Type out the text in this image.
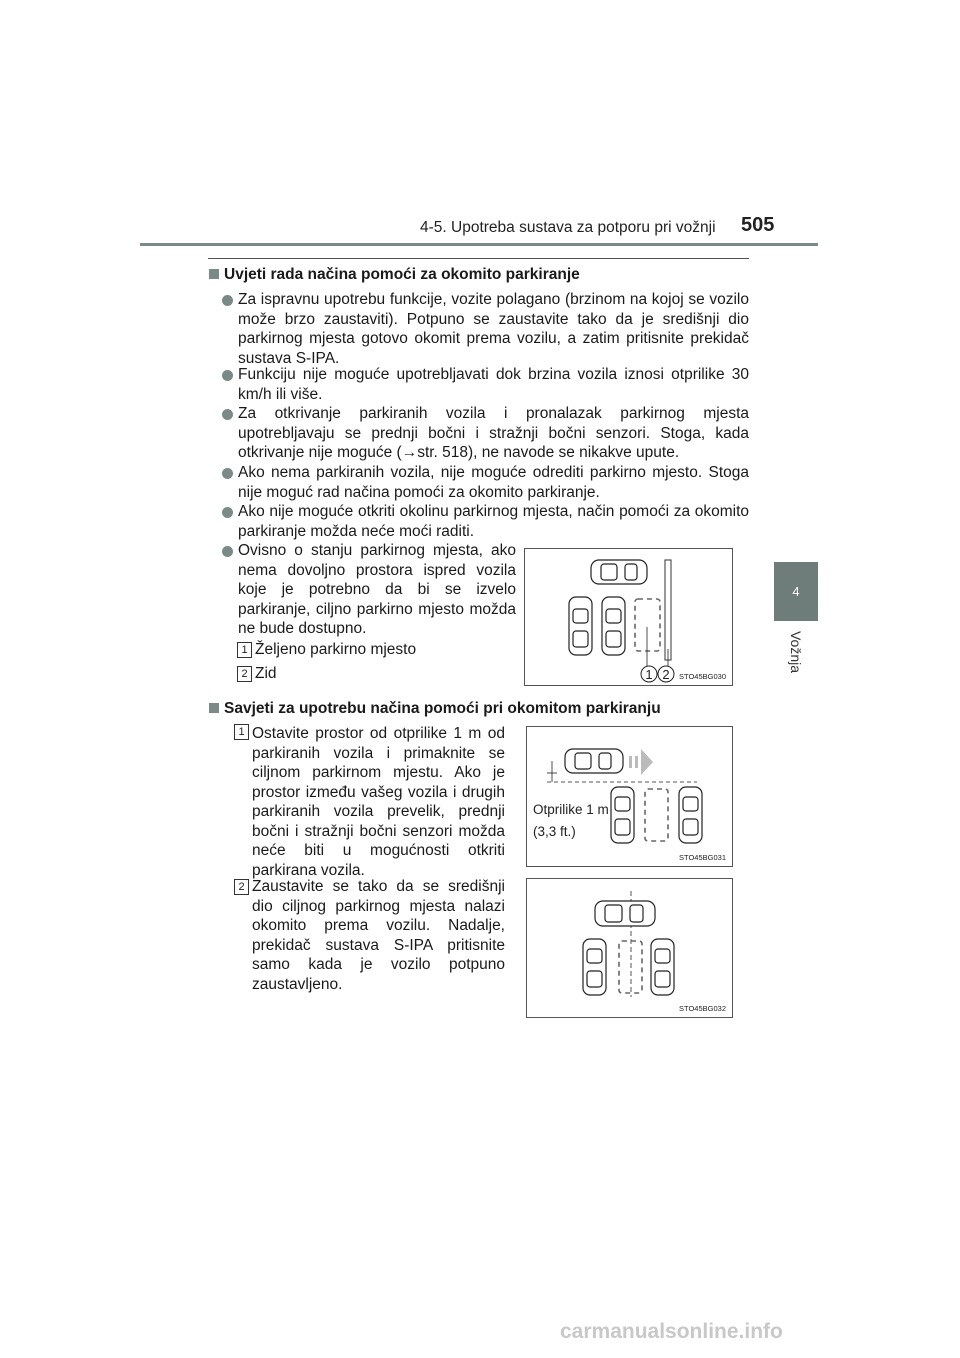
4-5. Upotreba sustava za potporu pri vožnji 505
4
Vožnja
Uvjeti rada načina pomoći za okomito parkiranje
Za ispravnu upotrebu funkcije, vozite polagano (brzinom na kojoj se vozilo može brzo zaustaviti). Potpuno se zaustavite tako da je središnji dio parkirnog mjesta gotovo okomit prema vozilu, a zatim pritisnite prekidač sustava S-IPA.
Funkciju nije moguće upotrebljavati dok brzina vozila iznosi otprilike 30 km/h ili više.
Za otkrivanje parkiranih vozila i pronalazak parkirnog mjesta upotrebljavaju se prednji bočni i stražnji bočni senzori. Stoga, kada otkrivanje nije moguće (→str. 518), ne navode se nikakve upute.
Ako nema parkiranih vozila, nije moguće odrediti parkirno mjesto. Stoga nije moguć rad načina pomoći za okomito parkiranje.
Ako nije moguće otkriti okolinu parkirnog mjesta, način pomoći za okomito parkiranje možda neće moći raditi.
Ovisno o stanju parkirnog mjesta, ako nema dovoljno prostora ispred vozila koje je potrebno da bi se izvelo parkiranje, ciljno parkirno mjesto možda ne bude dostupno.
1 Željeno parkirno mjesto
2 Zid	1 2 STO45BG030
Savjeti za upotrebu načina pomoći pri okomitom parkiranju
1 Ostavite prostor od otprilike 1 m od parkiranih vozila i primaknite se ciljnom parkirnom mjestu. Ako je prostor između vašeg vozila i drugih parkiranih vozila prevelik, prednji bočni i stražnji bočni senzori možda neće biti u mogućnosti otkriti parkirana vozila.
Otprilike 1 m
(3,3 ft.)
STO45BG031
2 Zaustavite se tako da se središnji dio ciljnog parkirnog mjesta nalazi okomito prema vozilu. Nadalje, prekidač sustava S-IPA pritisnite samo kada je vozilo potpuno zaustavljeno.
STO45BG032
carmanualsonline.info
